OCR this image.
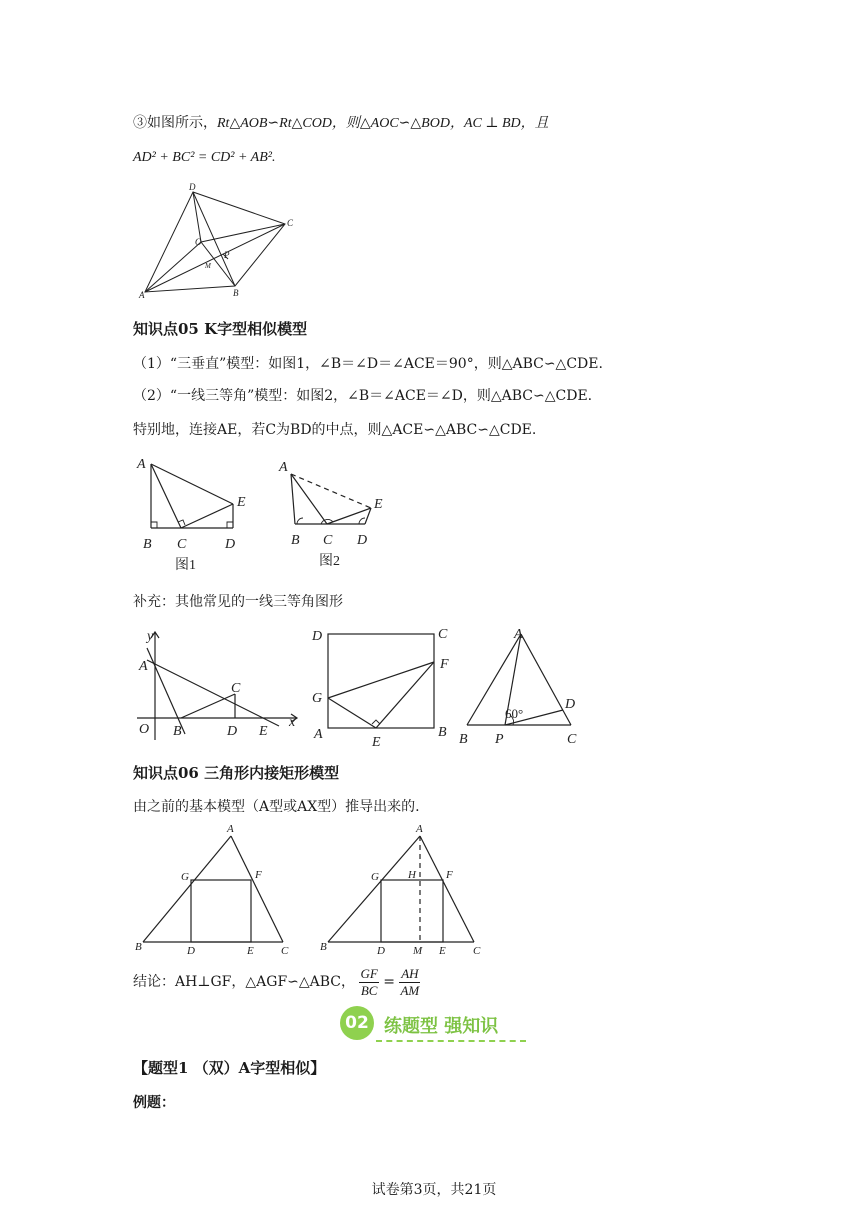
③如图所示，Rt△AOB∽Rt△COD，则△AOC∽△BOD，AC ⊥ BD，且
AD² + BC² = CD² + AB².
D
C
O
P
M
A	B
知识点05 K字型相似模型
（1）“三垂直”模型：如图1，∠B＝∠D＝∠ACE＝90°，则△ABC∽△CDE.
（2）“一线三等角”模型：如图2，∠B＝∠ACE＝∠D，则△ABC∽△CDE.
特别地，连接AE，若C为BD的中点，则△ACE∽△ABC∽△CDE.
A
E
B C	D
图1
A
E
B C D
图2
补充：其他常见的一线三等角图形
y
A
C
O B	D E
x
D	C
F
G
A
E
B
A
D
60°
B P	C
知识点06 三角形内接矩形模型
由之前的基本模型（A型或AX型）推导出来的.
A
G	F
B	D	E C
A
G	H	F
B	D	M E C
结论：AH⊥GF，△AGF∽△ABC， $\frac{GF}{BC} = \frac{AH}{AM}$
02 练题型 强知识
【题型1 （双）A字型相似】
例题：
试卷第3页，共21页
